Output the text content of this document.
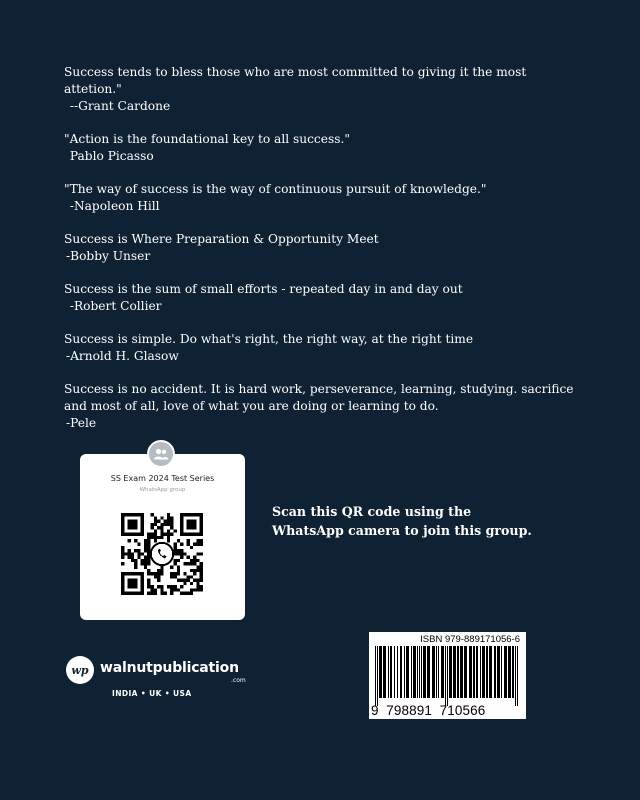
Success tends to bless those who are most committed to giving it the most attetion."
--Grant Cardone
"Action is the foundational key to all success."
Pablo Picasso
"The way of success is the way of continuous pursuit of knowledge."
-Napoleon Hill
Success is Where Preparation & Opportunity Meet
-Bobby Unser
Success is the sum of small efforts - repeated day in and day out
-Robert Collier
Success is simple. Do what's right, the right way, at the right time
-Arnold H. Glasow
Success is no accident. It is hard work, perseverance, learning, studying. sacrifice and most of all, love of what you are doing or learning to do.
-Pele
SS Exam 2024 Test Series
WhatsApp group
Scan this QR code using the WhatsApp camera to join this group.
wp walnutpublication
.com
INDIA • UK • USA
ISBN 979-889171056-6
9  798891  710566
